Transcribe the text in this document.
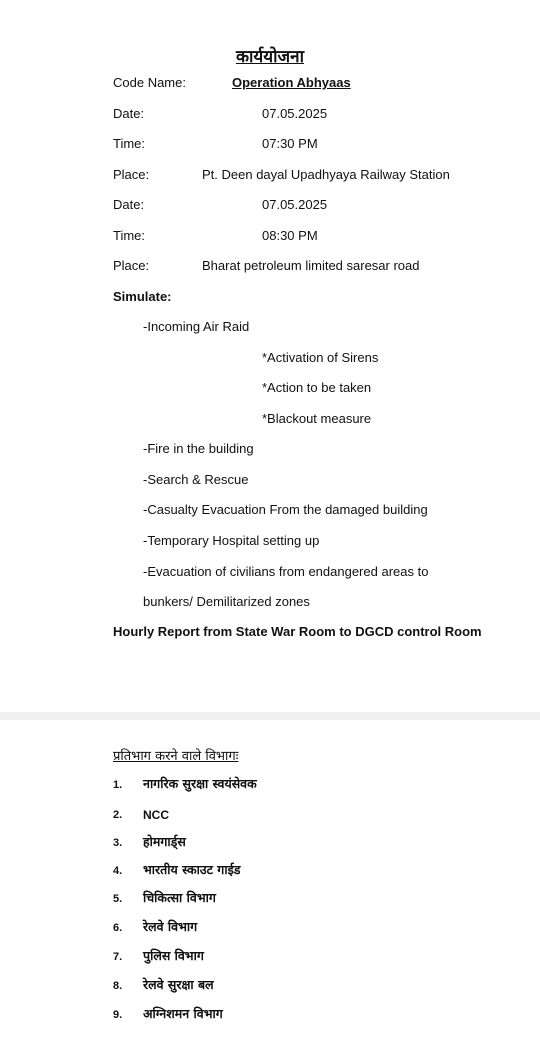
कार्ययोजना
Code Name:	Operation Abhyaas
Date:	07.05.2025
Time:	07:30 PM
Place:	Pt. Deen dayal Upadhyaya Railway Station
Date:	07.05.2025
Time:	08:30 PM
Place:	Bharat petroleum limited saresar road
Simulate:
-Incoming Air Raid
*Activation of Sirens
*Action to be taken
*Blackout measure
-Fire in the building
-Search & Rescue
-Casualty Evacuation From the damaged building
-Temporary Hospital setting up
-Evacuation of civilians from endangered areas to
bunkers/ Demilitarized zones
Hourly Report from State War Room to DGCD control Room
प्रतिभाग करने वाले विभागः
1. नागरिक सुरक्षा स्वयंसेवक
2. NCC
3. होमगार्ड्स
4. भारतीय स्काउट गाईड
5. चिकित्सा विभाग
6. रेलवे विभाग
7. पुलिस विभाग
8. रेलवे सुरक्षा बल
9. अग्निशमन विभाग
